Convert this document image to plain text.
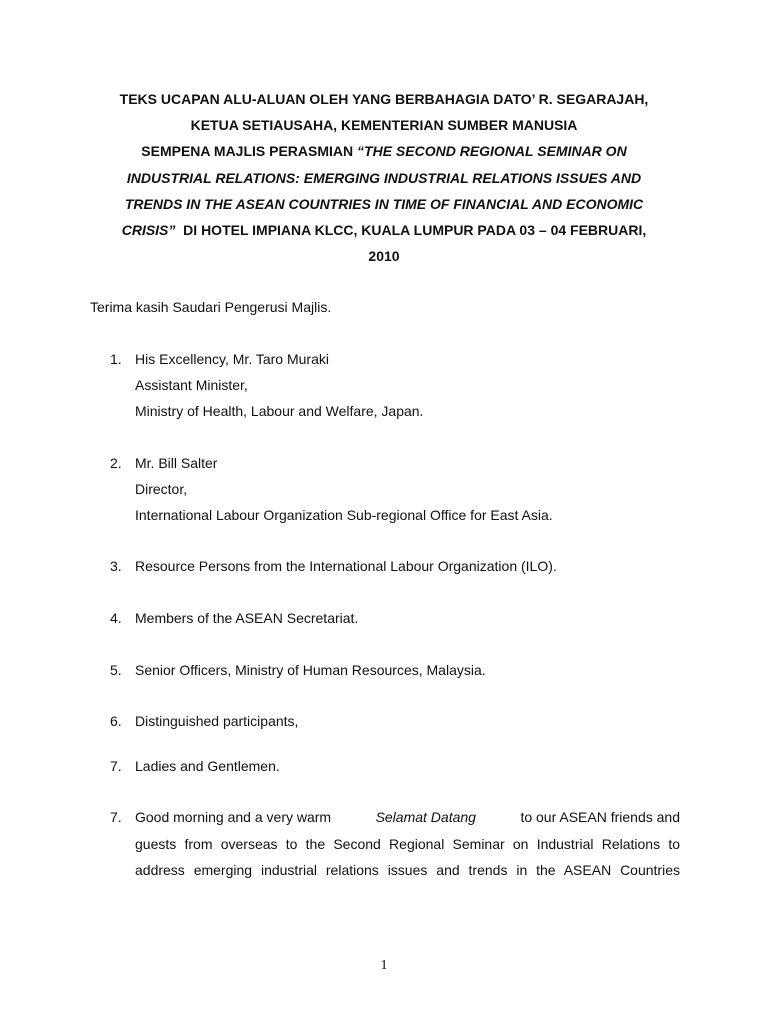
TEKS UCAPAN ALU-ALUAN OLEH YANG BERBAHAGIA DATO’ R. SEGARAJAH,
KETUA SETIAUSAHA, KEMENTERIAN SUMBER MANUSIA
SEMPENA MAJLIS PERASMIAN “THE SECOND REGIONAL SEMINAR ON
INDUSTRIAL RELATIONS: EMERGING INDUSTRIAL RELATIONS ISSUES AND
TRENDS IN THE ASEAN COUNTRIES IN TIME OF FINANCIAL AND ECONOMIC
CRISIS”  DI HOTEL IMPIANA KLCC, KUALA LUMPUR PADA 03 – 04 FEBRUARI,
2010
Terima kasih Saudari Pengerusi Majlis.
1. His Excellency, Mr. Taro Muraki
Assistant Minister,
Ministry of Health, Labour and Welfare, Japan.
2. Mr. Bill Salter
Director,
International Labour Organization Sub-regional Office for East Asia.
3. Resource Persons from the International Labour Organization (ILO).
4. Members of the ASEAN Secretariat.
5. Senior Officers, Ministry of Human Resources, Malaysia.
6. Distinguished participants,
7. Ladies and Gentlemen.
7. Good morning and a very warm	Selamat Datang	to our ASEAN friends and
guests from overseas to the Second Regional Seminar on Industrial Relations to
address emerging industrial relations issues and trends in the ASEAN Countries
1
